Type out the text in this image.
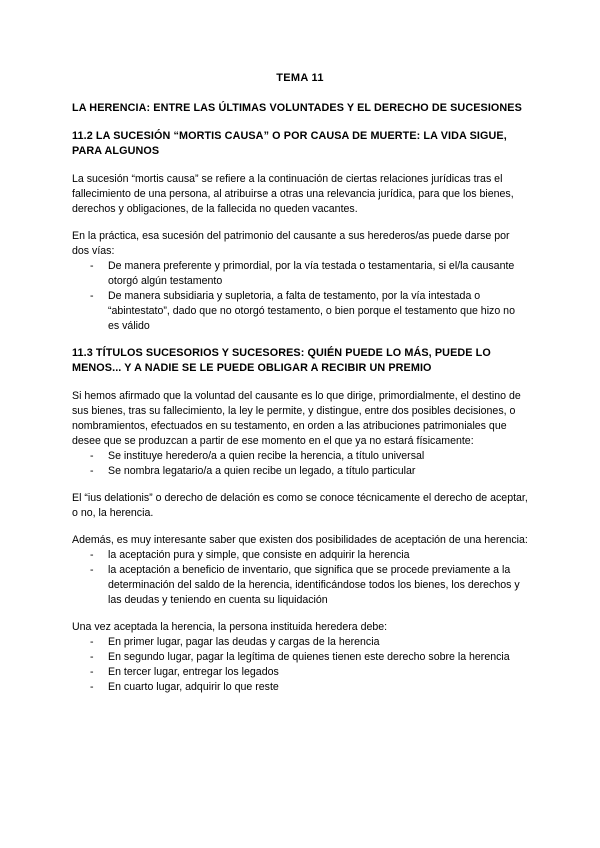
TEMA 11
LA HERENCIA: ENTRE LAS ÚLTIMAS VOLUNTADES Y EL DERECHO DE SUCESIONES
11.2 LA SUCESIÓN “MORTIS CAUSA” O POR CAUSA DE MUERTE: LA VIDA SIGUE, PARA ALGUNOS
La sucesión “mortis causa” se refiere a la continuación de ciertas relaciones jurídicas tras el fallecimiento de una persona, al atribuirse a otras una relevancia jurídica, para que los bienes, derechos y obligaciones, de la fallecida no queden vacantes.
En la práctica, esa sucesión del patrimonio del causante a sus herederos/as puede darse por dos vías:
- De manera preferente y primordial, por la vía testada o testamentaria, si el/la causante otorgó algún testamento
- De manera subsidiaria y supletoria, a falta de testamento, por la vía intestada o “abintestato”, dado que no otorgó testamento, o bien porque el testamento que hizo no es válido
11.3 TÍTULOS SUCESORIOS Y SUCESORES: QUIÉN PUEDE LO MÁS, PUEDE LO MENOS... Y A NADIE SE LE PUEDE OBLIGAR A RECIBIR UN PREMIO
Si hemos afirmado que la voluntad del causante es lo que dirige, primordialmente, el destino de sus bienes, tras su fallecimiento, la ley le permite, y distingue, entre dos posibles decisiones, o nombramientos, efectuados en su testamento, en orden a las atribuciones patrimoniales que desee que se produzcan a partir de ese momento en el que ya no estará físicamente:
- Se instituye heredero/a a quien recibe la herencia, a título universal
- Se nombra legatario/a a quien recibe un legado, a título particular
El “ius delationis” o derecho de delación es como se conoce técnicamente el derecho de aceptar, o no, la herencia.
Además, es muy interesante saber que existen dos posibilidades de aceptación de una herencia:
- la aceptación pura y simple, que consiste en adquirir la herencia
- la aceptación a beneficio de inventario, que significa que se procede previamente a la determinación del saldo de la herencia, identificándose todos los bienes, los derechos y las deudas y teniendo en cuenta su liquidación
Una vez aceptada la herencia, la persona instituida heredera debe:
- En primer lugar, pagar las deudas y cargas de la herencia
- En segundo lugar, pagar la legítima de quienes tienen este derecho sobre la herencia
- En tercer lugar, entregar los legados
- En cuarto lugar, adquirir lo que reste
